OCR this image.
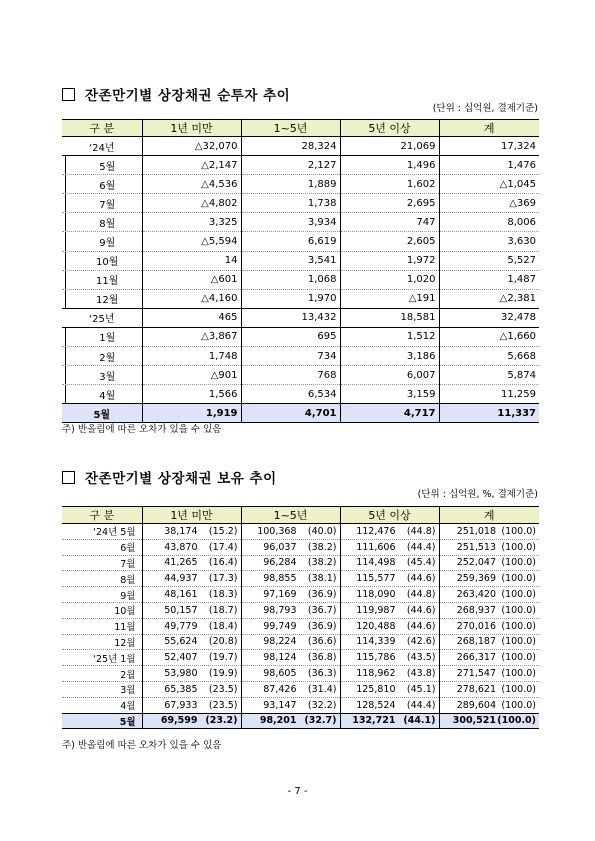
잔존만기별 상장채권 순투자 추이
(단위 : 십억원, 결제기준)
구 분	1년 미만	1~5년	5년 이상	계
‘24년	△32,070	28,324	21,069	17,324
5월	△2,147	2,127	1,496	1,476
6월	△4,536	1,889	1,602	△1,045
7월	△4,802	1,738	2,695	△369
8월	3,325	3,934	747	8,006
9월	△5,594	6,619	2,605	3,630
10월	14	3,541	1,972	5,527
11월	△601	1,068	1,020	1,487
12월	△4,160	1,970	△191	△2,381
‘25년	465	13,432	18,581	32,478
1월	△3,867	695	1,512	△1,660
2월	1,748	734	3,186	5,668
3월	△901	768	6,007	5,874
4월	1,566	6,534	3,159	11,259
5월	1,919	4,701	4,717	11,337
주) 반올림에 따른 오차가 있을 수 있음
잔존만기별 상장채권 보유 추이
(단위 : 십억원, %, 결제기준)
구 분	1년 미만	1~5년	5년 이상	계
‘24년 5월	38,174 (15.2)	100,368 (40.0)	112,476 (44.8)	251,018 (100.0)
6월	43,870 (17.4)	96,037 (38.2)	111,606 (44.4)	251,513 (100.0)
7월	41,265 (16.4)	96,284 (38.2)	114,498 (45.4)	252,047 (100.0)
8월	44,937 (17.3)	98,855 (38.1)	115,577 (44.6)	259,369 (100.0)
9월	48,161 (18.3)	97,169 (36.9)	118,090 (44.8)	263,420 (100.0)
10월	50,157 (18.7)	98,793 (36.7)	119,987 (44.6)	268,937 (100.0)
11월	49,779 (18.4)	99,749 (36.9)	120,488 (44.6)	270,016 (100.0)
12월	55,624 (20.8)	98,224 (36.6)	114,339 (42.6)	268,187 (100.0)
‘25년 1월	52,407 (19.7)	98,124 (36.8)	115,786 (43.5)	266,317 (100.0)
2월	53,980 (19.9)	98,605 (36.3)	118,962 (43.8)	271,547 (100.0)
3월	65,385 (23.5)	87,426 (31.4)	125,810 (45.1)	278,621 (100.0)
4월	67,933 (23.5)	93,147 (32.2)	128,524 (44.4)	289,604 (100.0)
5월	69,599 (23.2)	98,201 (32.7)	132,721 (44.1)	300,521(100.0)
주) 반올림에 따른 오차가 있을 수 있음
- 7 -
